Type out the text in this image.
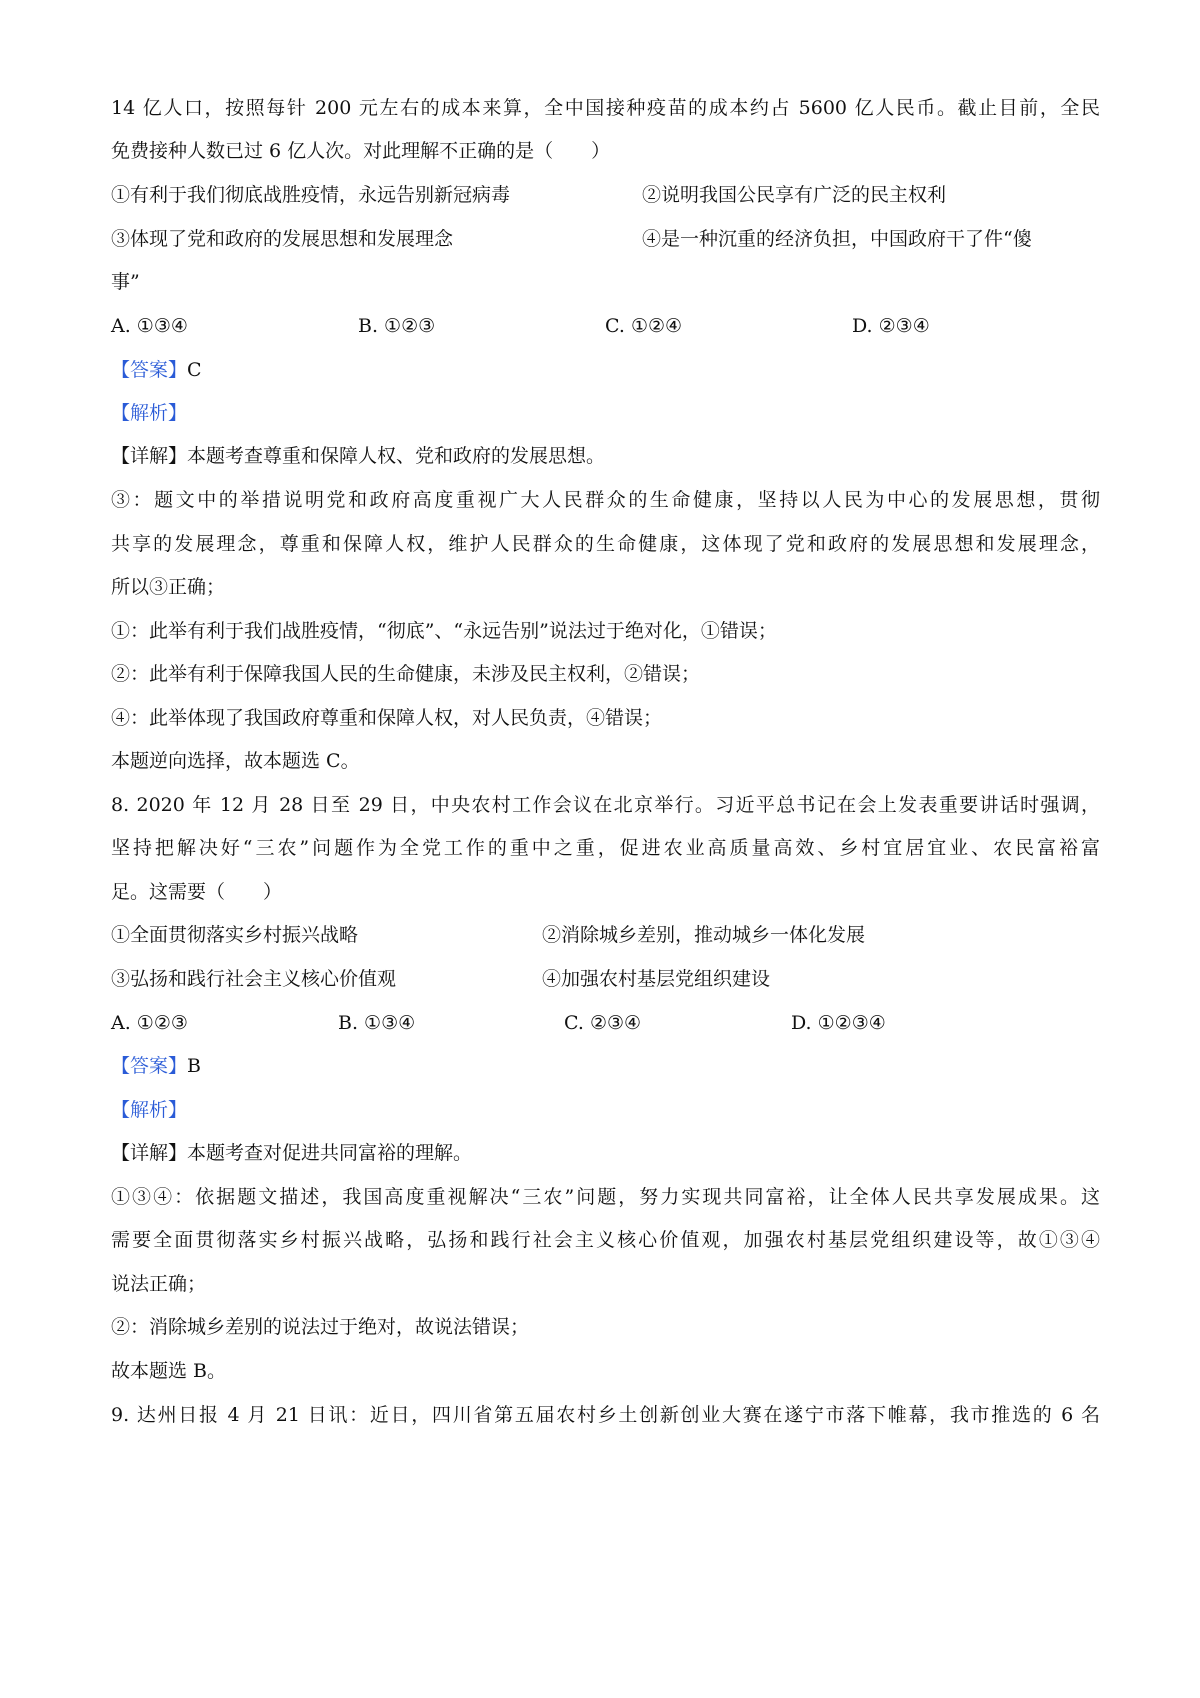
14 亿人口，按照每针 200 元左右的成本来算，全中国接种疫苗的成本约占 5600 亿人民币。截止目前，全民
免费接种人数已过 6 亿人次。对此理解不正确的是（　　）
①有利于我们彻底战胜疫情，永远告别新冠病毒	②说明我国公民享有广泛的民主权利
③体现了党和政府的发展思想和发展理念	④是一种沉重的经济负担，中国政府干了件“傻
事”
A. ①③④	B. ①②③	C. ①②④	D. ②③④
【答案】C
【解析】
【详解】本题考查尊重和保障人权、党和政府的发展思想。
③：题文中的举措说明党和政府高度重视广大人民群众的生命健康，坚持以人民为中心的发展思想，贯彻
共享的发展理念，尊重和保障人权，维护人民群众的生命健康，这体现了党和政府的发展思想和发展理念，
所以③正确；
①：此举有利于我们战胜疫情，“彻底”、“永远告别”说法过于绝对化，①错误；
②：此举有利于保障我国人民的生命健康，未涉及民主权利，②错误；
④：此举体现了我国政府尊重和保障人权，对人民负责，④错误；
本题逆向选择，故本题选 C。
8. 2020 年 12 月 28 日至 29 日，中央农村工作会议在北京举行。习近平总书记在会上发表重要讲话时强调，
坚持把解决好“三农”问题作为全党工作的重中之重，促进农业高质量高效、乡村宜居宜业、农民富裕富
足。这需要（　　）
①全面贯彻落实乡村振兴战略	②消除城乡差别，推动城乡一体化发展
③弘扬和践行社会主义核心价值观	④加强农村基层党组织建设
A. ①②③	B. ①③④	C. ②③④	D. ①②③④
【答案】B
【解析】
【详解】本题考查对促进共同富裕的理解。
①③④：依据题文描述，我国高度重视解决“三农”问题，努力实现共同富裕，让全体人民共享发展成果。这
需要全面贯彻落实乡村振兴战略，弘扬和践行社会主义核心价值观，加强农村基层党组织建设等，故①③④
说法正确；
②：消除城乡差别的说法过于绝对，故说法错误；
故本题选 B。
9. 达州日报 4 月 21 日讯：近日，四川省第五届农村乡土创新创业大赛在遂宁市落下帷幕，我市推选的 6 名
